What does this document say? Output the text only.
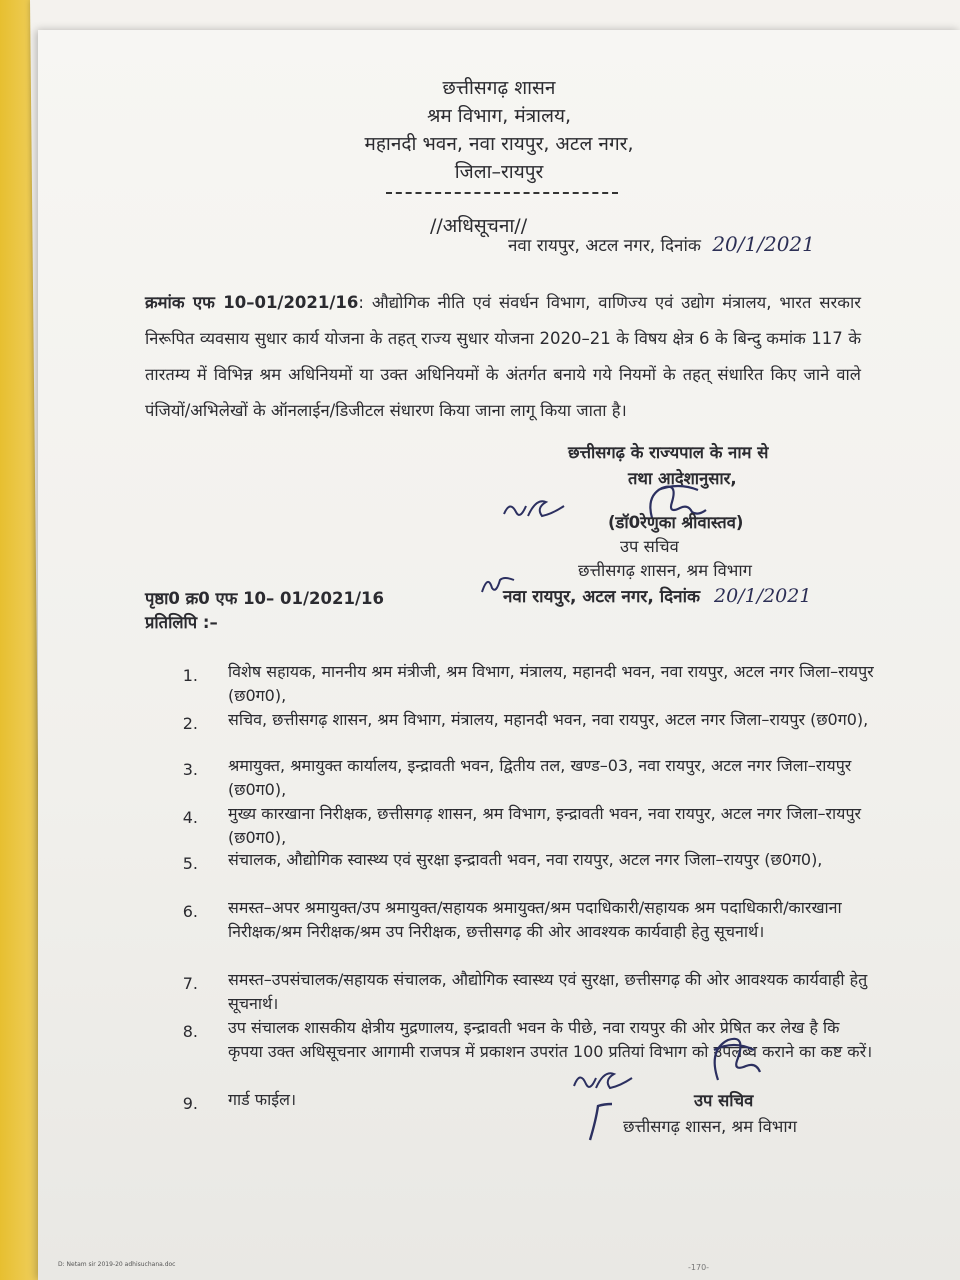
छत्तीसगढ़ शासन
श्रम विभाग, मंत्रालय,
महानदी भवन, नवा रायपुर, अटल नगर,
जिला–रायपुर
//अधिसूचना//
नवा रायपुर, अटल नगर, दिनांक 20/1/2021
क्रमांक एफ 10–01/2021/16: औद्योगिक नीति एवं संवर्धन विभाग, वाणिज्य एवं उद्योग मंत्रालय, भारत सरकार निरूपित व्यवसाय सुधार कार्य योजना के तहत् राज्य सुधार योजना 2020–21 के विषय क्षेत्र 6 के बिन्दु कमांक 117 के तारतम्य में विभिन्न श्रम अधिनियमों या उक्त अधिनियमों के अंतर्गत बनाये गये नियमों के तहत् संधारित किए जाने वाले पंजियों/अभिलेखों के ऑनलाईन/डिजीटल संधारण किया जाना लागू किया जाता है।
छत्तीसगढ़ के राज्यपाल के नाम से
तथा आदेशानुसार,
(डॉ0रेणुका श्रीवास्तव)
उप सचिव
छत्तीसगढ़ शासन, श्रम विभाग
पृष्ठा0 क्र0 एफ 10– 01/2021/16	नवा रायपुर, अटल नगर, दिनांक 20/1/2021
प्रतिलिपि :–
1. विशेष सहायक, माननीय श्रम मंत्रीजी, श्रम विभाग, मंत्रालय, महानदी भवन, नवा रायपुर, अटल नगर जिला–रायपुर (छ0ग0),
2. सचिव, छत्तीसगढ़ शासन, श्रम विभाग, मंत्रालय, महानदी भवन, नवा रायपुर, अटल नगर जिला–रायपुर (छ0ग0),
3. श्रमायुक्त, श्रमायुक्त कार्यालय, इन्द्रावती भवन, द्वितीय तल, खण्ड–03, नवा रायपुर, अटल नगर जिला–रायपुर (छ0ग0),
4. मुख्य कारखाना निरीक्षक, छत्तीसगढ़ शासन, श्रम विभाग, इन्द्रावती भवन, नवा रायपुर, अटल नगर जिला–रायपुर (छ0ग0),
5. संचालक, औद्योगिक स्वास्थ्य एवं सुरक्षा इन्द्रावती भवन, नवा रायपुर, अटल नगर जिला–रायपुर (छ0ग0),
6. समस्त–अपर श्रमायुक्त/उप श्रमायुक्त/सहायक श्रमायुक्त/श्रम पदाधिकारी/सहायक श्रम पदाधिकारी/कारखाना निरीक्षक/श्रम निरीक्षक/श्रम उप निरीक्षक, छत्तीसगढ़ की ओर आवश्यक कार्यवाही हेतु सूचनार्थ।
7. समस्त–उपसंचालक/सहायक संचालक, औद्योगिक स्वास्थ्य एवं सुरक्षा, छत्तीसगढ़ की ओर आवश्यक कार्यवाही हेतु सूचनार्थ।
8. उप संचालक शासकीय क्षेत्रीय मुद्रणालय, इन्द्रावती भवन के पीछे, नवा रायपुर की ओर प्रेषित कर लेख है कि कृपया उक्त अधिसूचनार आगामी राजपत्र में प्रकाशन उपरांत 100 प्रतियां विभाग को उपलब्ध कराने का कष्ट करें।
9. गार्ड फाईल।	उप सचिव
छत्तीसगढ़ शासन, श्रम विभाग
D: Netam sir 2019-20 adhisuchana.doc	-170-
